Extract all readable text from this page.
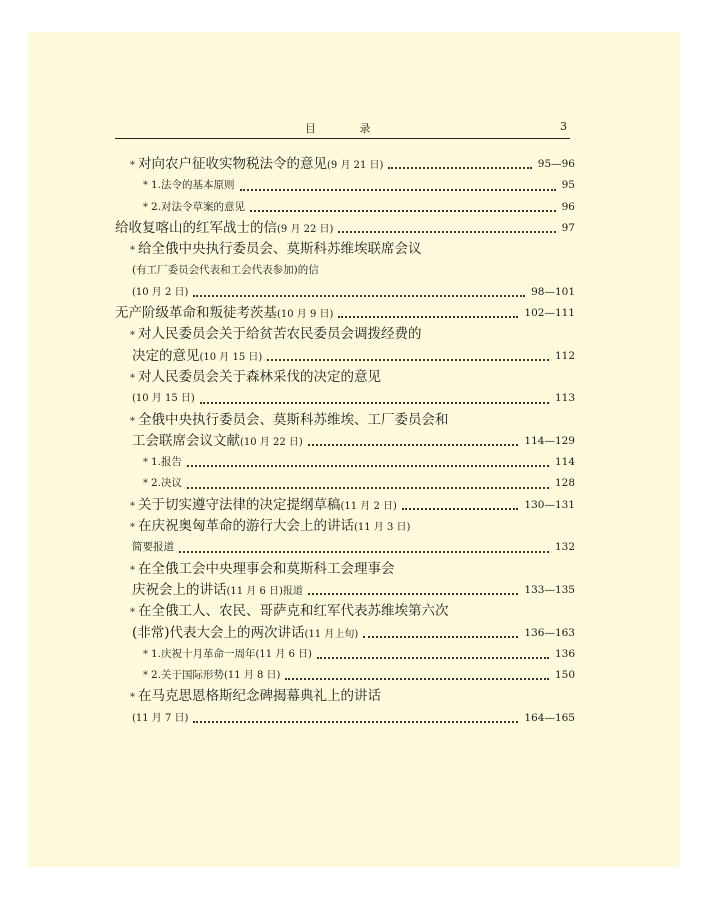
目 录	3
* 对向农户征收实物税法令的意见(9 月 21 日)	95—96
* 1.法令的基本原则	95
* 2.对法令草案的意见	96
给收复喀山的红军战士的信(9 月 22 日)	97
* 给全俄中央执行委员会、莫斯科苏维埃联席会议
(有工厂委员会代表和工会代表参加)的信
(10 月 2 日)	98—101
无产阶级革命和叛徒考茨基(10 月 9 日)	102—111
* 对人民委员会关于给贫苦农民委员会调拨经费的
决定的意见(10 月 15 日)	112
* 对人民委员会关于森林采伐的决定的意见
(10 月 15 日)	113
* 全俄中央执行委员会、莫斯科苏维埃、工厂委员会和
工会联席会议文献(10 月 22 日)	114—129
* 1.报告	114
* 2.决议	128
* 关于切实遵守法律的决定提纲草稿(11 月 2 日)	130—131
* 在庆祝奥匈革命的游行大会上的讲话(11 月 3 日)
简要报道	132
* 在全俄工会中央理事会和莫斯科工会理事会
庆祝会上的讲话(11 月 6 日)报道	133—135
* 在全俄工人、农民、哥萨克和红军代表苏维埃第六次
(非常)代表大会上的两次讲话(11 月上旬)	136—163
* 1.庆祝十月革命一周年(11 月 6 日)	136
* 2.关于国际形势(11 月 8 日)	150
* 在马克思恩格斯纪念碑揭幕典礼上的讲话
(11 月 7 日)	164—165
